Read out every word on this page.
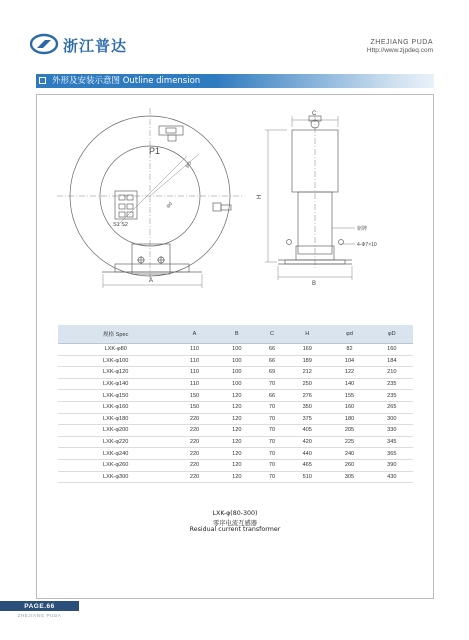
浙江普达	ZHEJIANG PUDA
Http://www.zjpdeq.com
外形及安装示意图 Outline dimension
P1
φD
φd
S1 S2
A
C
H
B
铭牌
4-Φ7×10
规格 Spec	A	B	C	H	φd	φD
LXK-φ80	110	100	66	169	82	160
LXK-φ100	110	100	66	189	104	184
LXK-φ120	110	100	69	212	122	210
LXK-φ140	110	100	70	250	140	235
LXK-φ150	150	120	66	276	155	235
LXK-φ160	150	120	70	350	160	265
LXK-φ180	220	120	70	375	180	300
LXK-φ200	220	120	70	405	205	330
LXK-φ220	220	120	70	420	225	345
LXK-φ240	220	120	70	440	240	365
LXK-φ260	220	120	70	465	260	390
LXK-φ300	220	120	70	510	305	430
LXK-φ(80-300)
零序电流互感器
Residual current transformer
PAGE.66
ZHEJIANG PUDA
